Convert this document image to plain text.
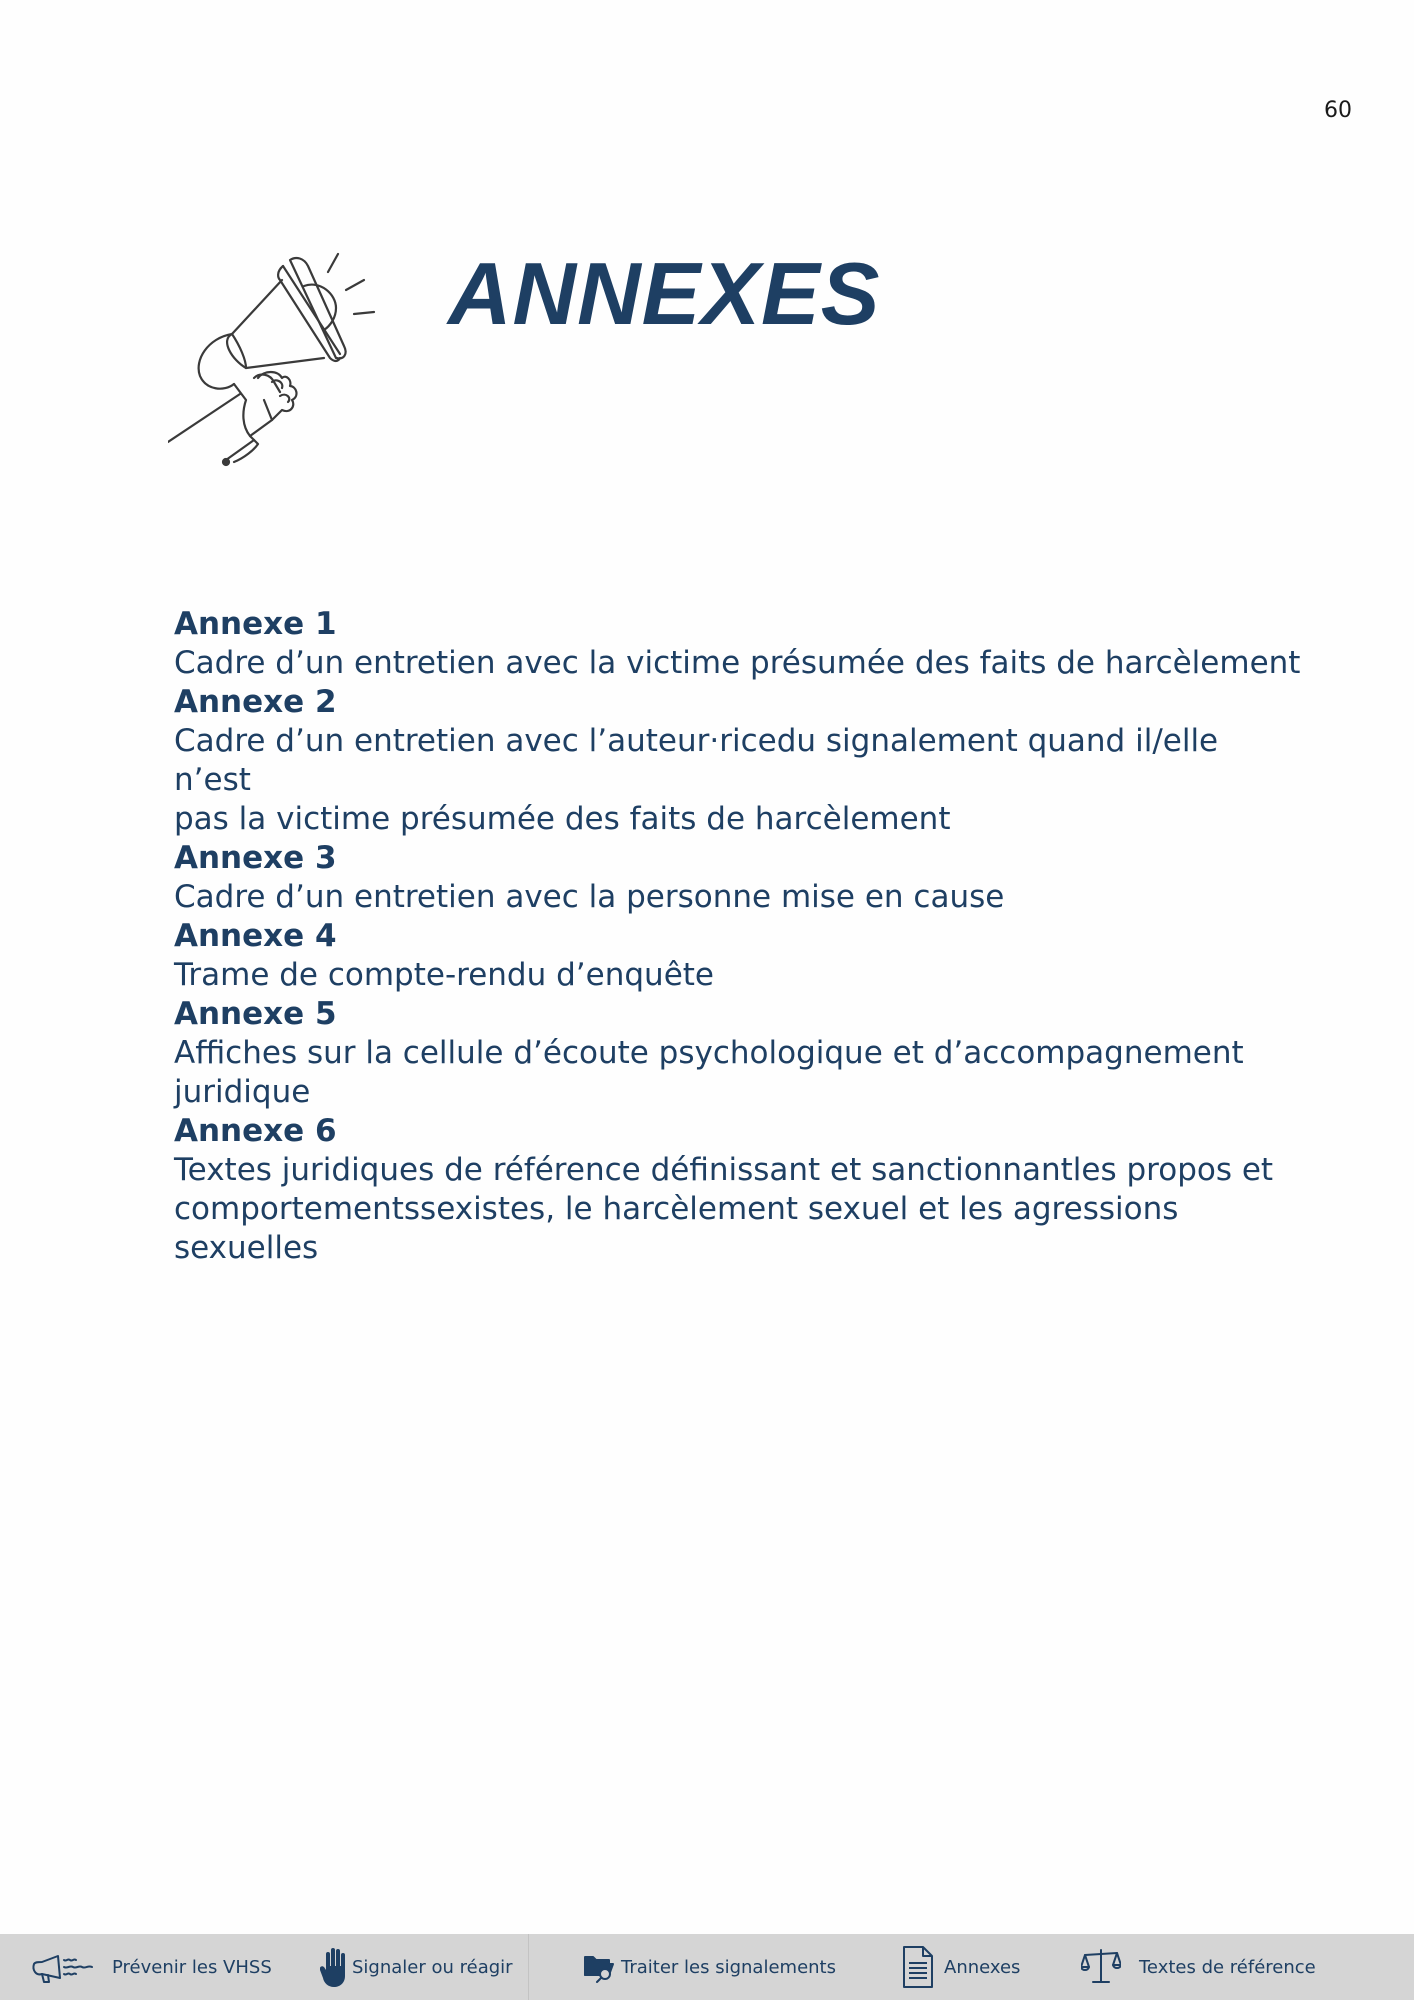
60
ANNEXES
Annexe 1
Cadre d’un entretien avec la victime présumée des faits de harcèlement
Annexe 2
Cadre d’un entretien avec l’auteur·ricedu signalement quand il/elle n’est
pas la victime présumée des faits de harcèlement
Annexe 3
Cadre d’un entretien avec la personne mise en cause
Annexe 4
Trame de compte-rendu d’enquête
Annexe 5
Affiches sur la cellule d’écoute psychologique et d’accompagnement
juridique
Annexe 6
Textes juridiques de référence définissant et sanctionnantles propos et
comportementssexistes, le harcèlement sexuel et les agressions sexuelles
Prévenir les VHSS	Signaler ou réagir	Traiter les signalements	Annexes	Textes de référence
